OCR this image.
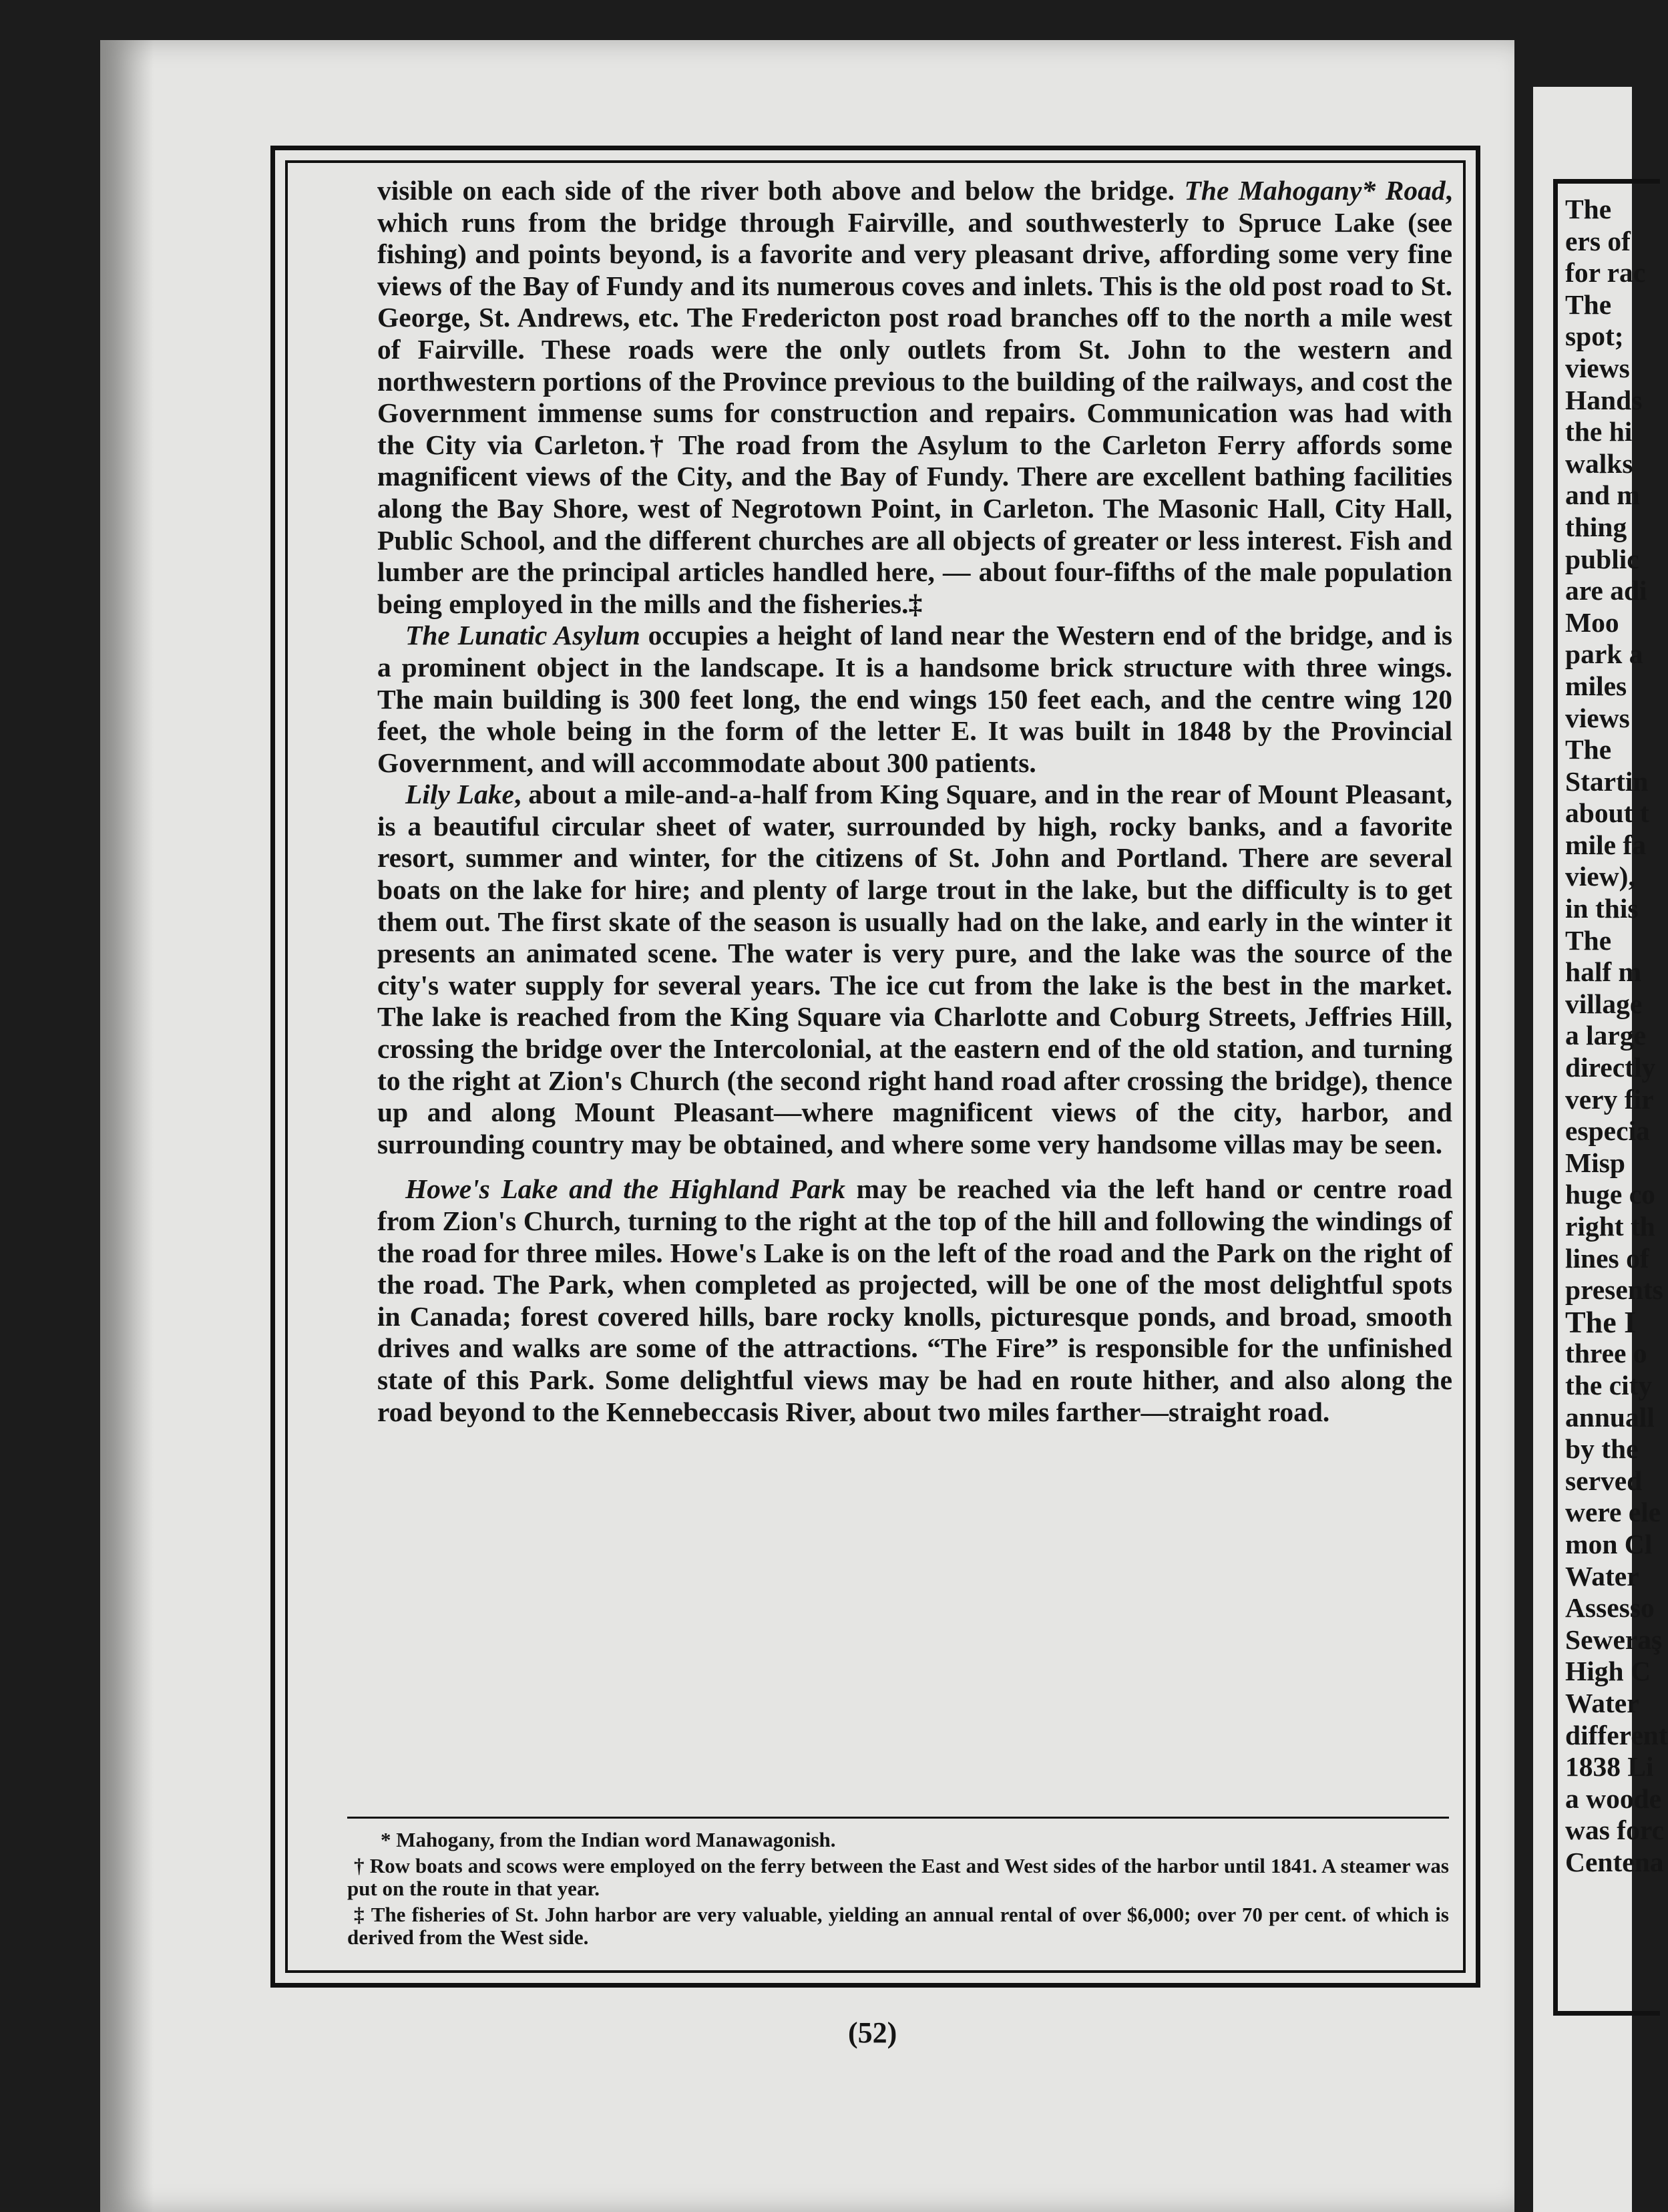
visible on each side of the river both above and below the bridge. The Mahogany* Road, which runs from the bridge through Fairville, and southwesterly to Spruce Lake (see fishing) and points beyond, is a favorite and very pleasant drive, affording some very fine views of the Bay of Fundy and its numerous coves and inlets. This is the old post road to St. George, St. Andrews, etc. The Fredericton post road branches off to the north a mile west of Fairville. These roads were the only outlets from St. John to the western and northwestern portions of the Province previous to the building of the railways, and cost the Government immense sums for construction and repairs. Communication was had with the City via Carleton.† The road from the Asylum to the Carleton Ferry affords some magnificent views of the City, and the Bay of Fundy. There are excellent bathing facilities along the Bay Shore, west of Negrotown Point, in Carleton. The Masonic Hall, City Hall, Public School, and the different churches are all objects of greater or less interest. Fish and lumber are the principal articles handled here, — about four-fifths of the male population being employed in the mills and the fisheries.‡

The Lunatic Asylum occupies a height of land near the Western end of the bridge, and is a prominent object in the landscape. It is a handsome brick structure with three wings. The main building is 300 feet long, the end wings 150 feet each, and the centre wing 120 feet, the whole being in the form of the letter E. It was built in 1848 by the Provincial Government, and will accommodate about 300 patients.

Lily Lake, about a mile-and-a-half from King Square, and in the rear of Mount Pleasant, is a beautiful circular sheet of water, surrounded by high, rocky banks, and a favorite resort, summer and winter, for the citizens of St. John and Portland. There are several boats on the lake for hire; and plenty of large trout in the lake, but the difficulty is to get them out. The first skate of the season is usually had on the lake, and early in the winter it presents an animated scene. The water is very pure, and the lake was the source of the city's water supply for several years. The ice cut from the lake is the best in the market. The lake is reached from the King Square via Charlotte and Coburg Streets, Jeffries Hill, crossing the bridge over the Intercolonial, at the eastern end of the old station, and turning to the right at Zion's Church (the second right hand road after crossing the bridge), thence up and along Mount Pleasant—where magnificent views of the city, harbor, and surrounding country may be obtained, and where some very handsome villas may be seen.

Howe's Lake and the Highland Park may be reached via the left hand or centre road from Zion's Church, turning to the right at the top of the hill and following the windings of the road for three miles. Howe's Lake is on the left of the road and the Park on the right of the road. The Park, when completed as projected, will be one of the most delightful spots in Canada; forest covered hills, bare rocky knolls, picturesque ponds, and broad, smooth drives and walks are some of the attractions. “The Fire” is responsible for the unfinished state of this Park. Some delightful views may be had en route hither, and also along the road beyond to the Kennebeccasis River, about two miles farther—straight road.

* Mahogany, from the Indian word Manawagonish.

† Row boats and scows were employed on the ferry between the East and West sides of the harbor until 1841. A steamer was put on the route in that year.

‡ The fisheries of St. John harbor are very valuable, yielding an annual rental of over $6,000; over 70 per cent. of which is derived from the West side.

(52)
The
ers of
for rac
The
spot;
views
Hands
the hi
walks
and m
thing
public
are adi
Moo
park a
miles
views
The
Startin
about t
mile fa
view),
in this
The
half m
village
a large
directly
very fir
especia
Misp
huge co
right th
lines of
presents
The I
three o
the city
annuall
by the
served
were ele
mon Cl
Water
Assesso
Seweraş
High C
Water
different
1838 Li
a woode
was forc
Centena
